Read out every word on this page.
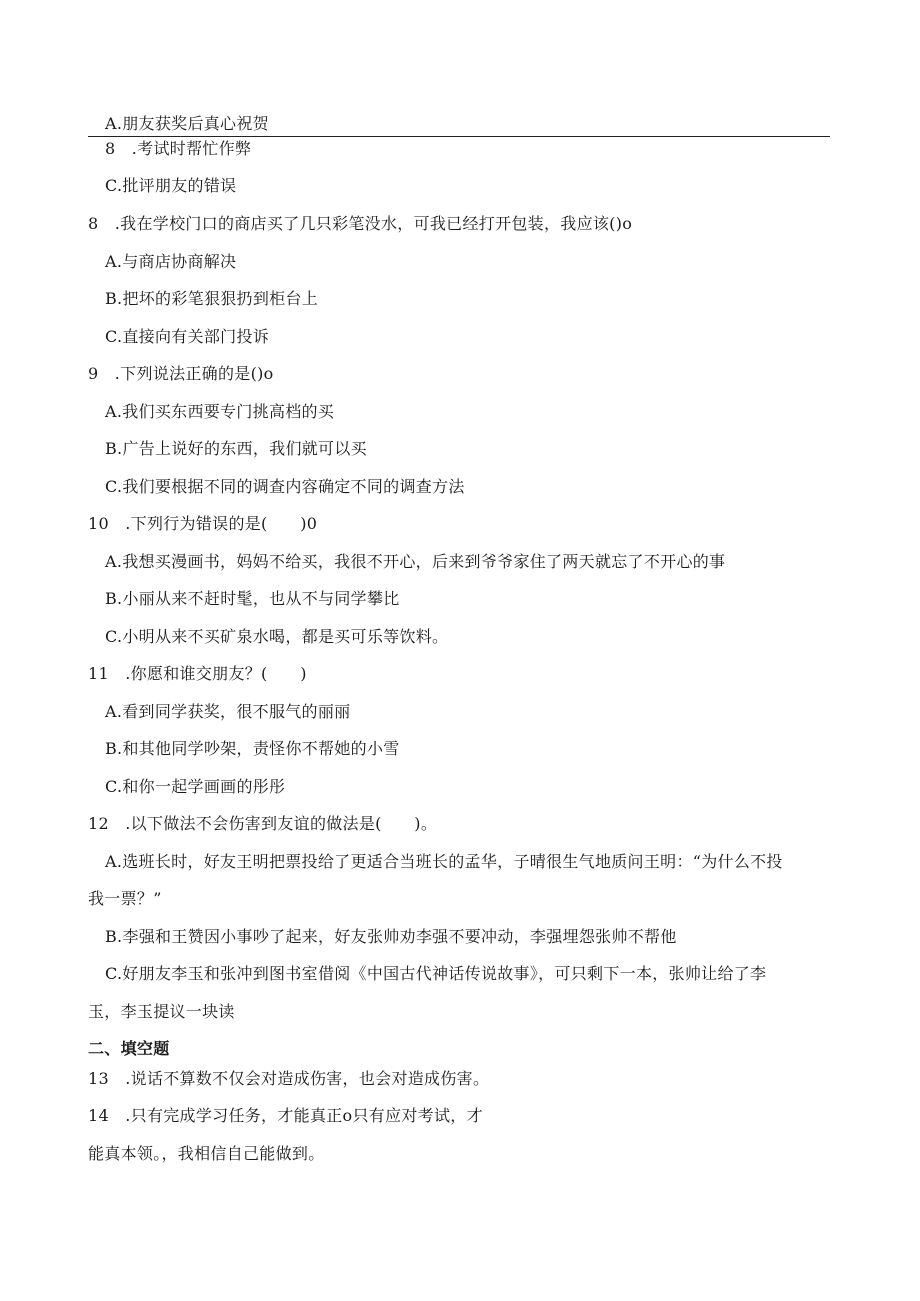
A.朋友获奖后真心祝贺
8　.考试时帮忙作弊
C.批评朋友的错误
8　.我在学校门口的商店买了几只彩笔没水，可我已经打开包装，我应该()o
A.与商店协商解决
B.把坏的彩笔狠狠扔到柜台上
C.直接向有关部门投诉
9　.下列说法正确的是()o
A.我们买东西要专门挑高档的买
B.广告上说好的东西，我们就可以买
C.我们要根据不同的调查内容确定不同的调查方法
10　.下列行为错误的是(　　)0
A.我想买漫画书，妈妈不给买，我很不开心，后来到爷爷家住了两天就忘了不开心的事
B.小丽从来不赶时髦，也从不与同学攀比
C.小明从来不买矿泉水喝，都是买可乐等饮料。
11　.你愿和谁交朋友？(　　)
A.看到同学获奖，很不服气的丽丽
B.和其他同学吵架，责怪你不帮她的小雪
C.和你一起学画画的彤彤
12　.以下做法不会伤害到友谊的做法是(　　)。
A.选班长时，好友王明把票投给了更适合当班长的孟华，子晴很生气地质问王明：“为什么不投
我一票？”
B.李强和王赞因小事吵了起来，好友张帅劝李强不要冲动，李强埋怨张帅不帮他
C.好朋友李玉和张冲到图书室借阅《中国古代神话传说故事》，可只剩下一本，张帅让给了李
玉，李玉提议一块读
二、填空题
13　.说话不算数不仅会对造成伤害，也会对造成伤害。
14　.只有完成学习任务，才能真正o只有应对考试，才
能真本领。，我相信自己能做到。
